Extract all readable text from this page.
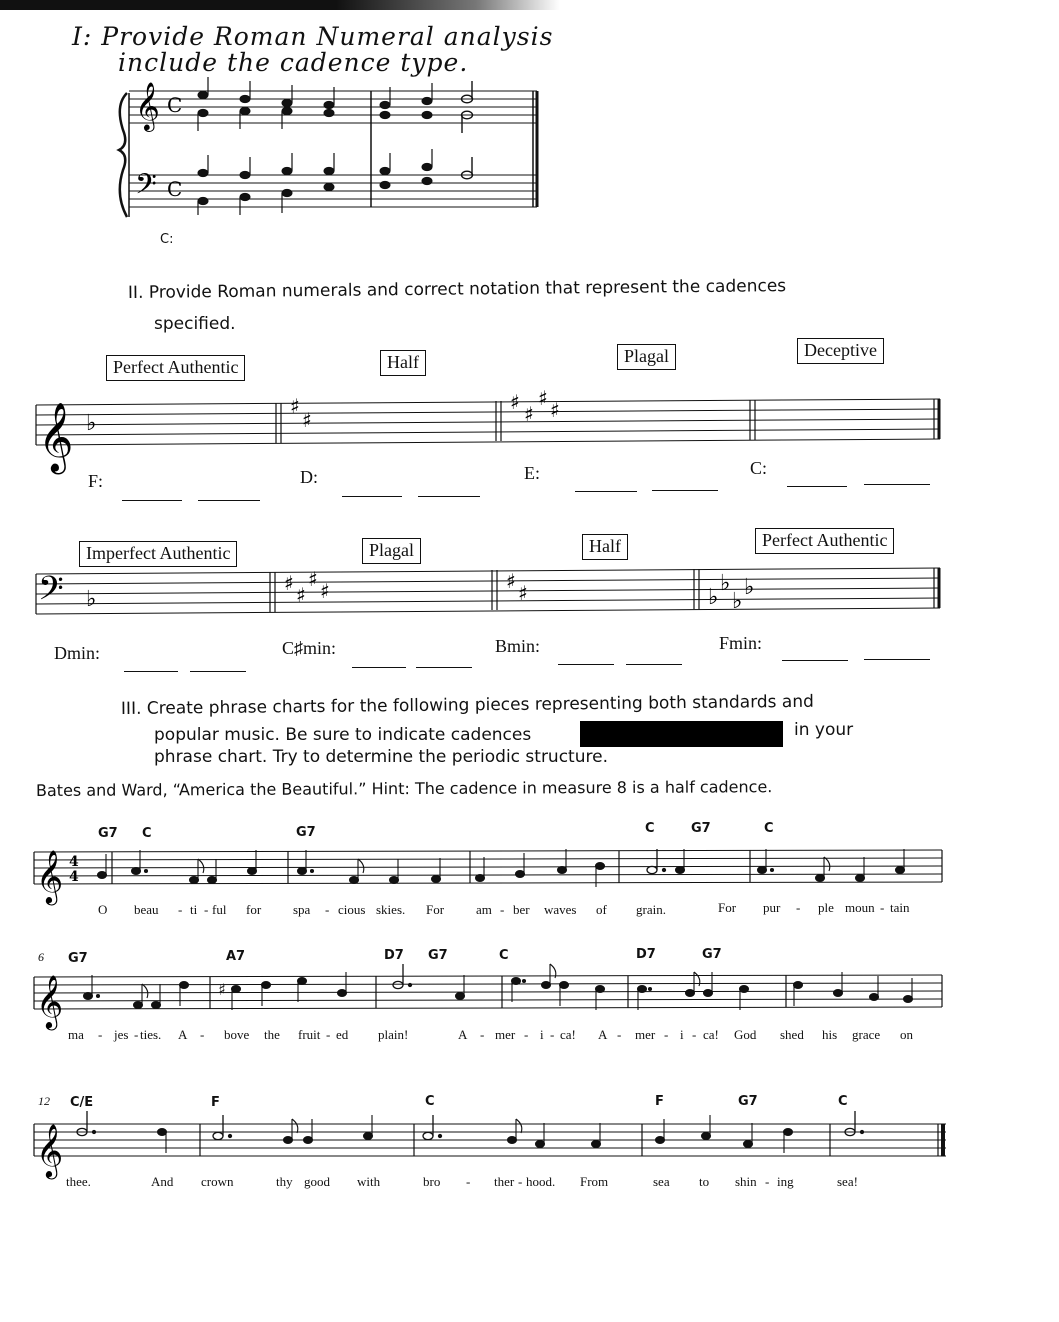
I: Provide Roman Numeral analysis
include the cadence type.
𝄞
𝄢
C
C
C:
II. Provide Roman numerals and correct notation that represent the cadences
specified.
Perfect Authentic	Half	Plagal	Deceptive
𝄞 ♭
♯
♯
♯ ♯
♯ ♯
F:	D:	E:	C:
Imperfect Authentic	Plagal	Half	Perfect Authentic
𝄢 ♭
♯ ♯
♯ ♯	♯ ♯	♭
♭
♭
♭
Dmin:	C♯min:	Bmin:	Fmin:
III. Create phrase charts for the following pieces representing both standards and
popular music. Be sure to indicate cadences	in your
phrase chart. Try to determine the periodic structure.
Bates and Ward, “America the Beautiful.” Hint: The cadence in measure 8 is a half cadence.
𝄞 4
4
G7 C	G7	C	G7	C
O beau - ti - ful for spa - cious skies. For am - ber waves of grain.	For pur - ple moun - tain
6
𝄞	♯
G7	A7	D7 G7	C	D7	G7
ma - jes - ties. A - bove the fruit - ed plain!	A - mer - i - ca! A - mer - i - ca! God shed his grace on
12
𝄞
C/E	F	C	F	G7	C
thee.	And crown	thy good with	bro - ther - hood. From	sea to shin - ing	sea!
